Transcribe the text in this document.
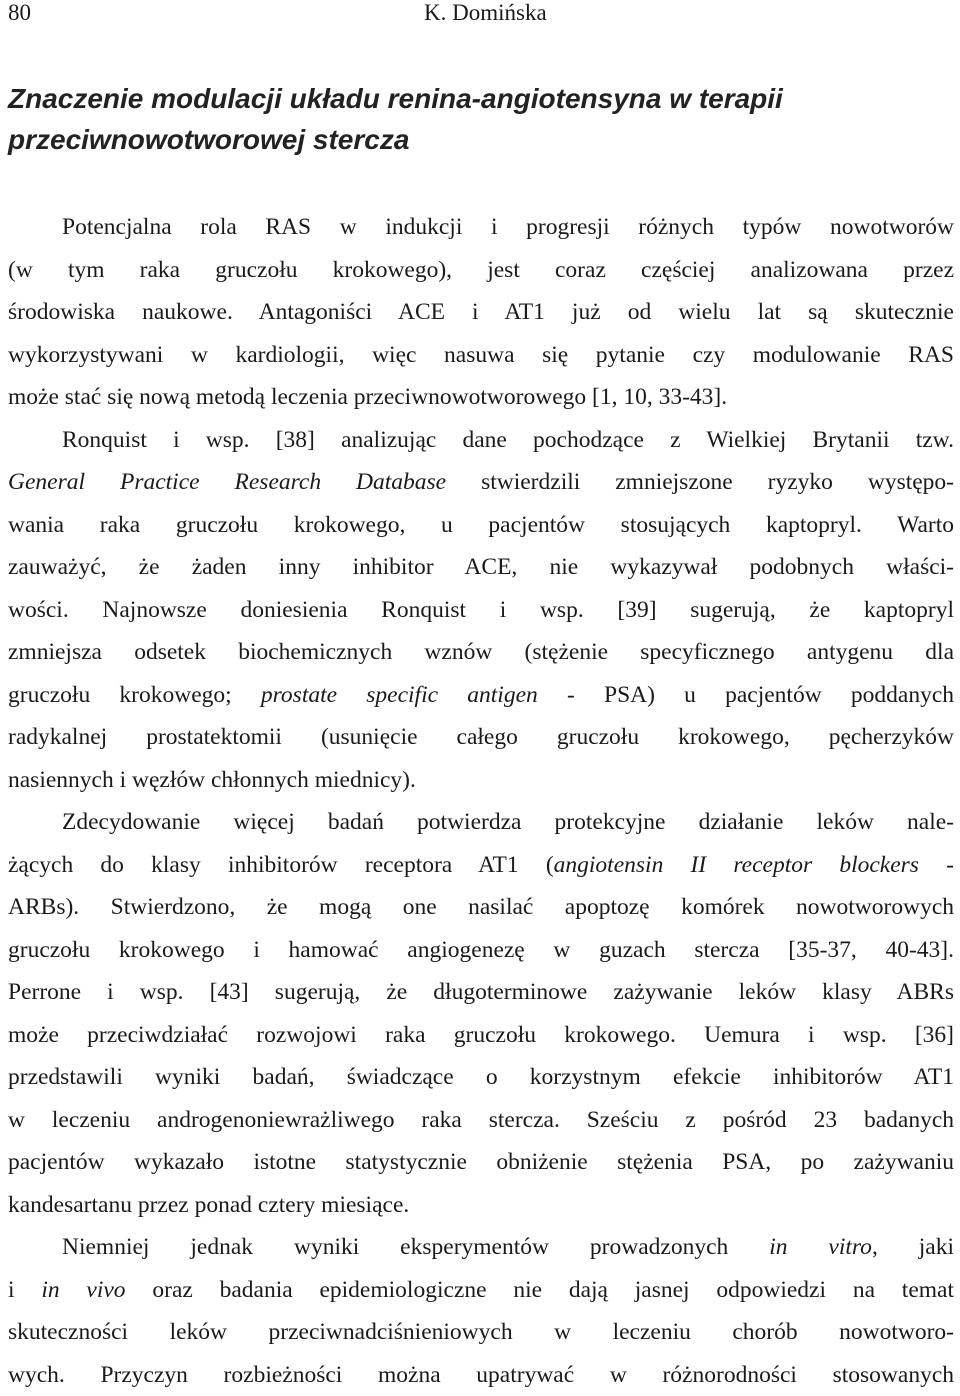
80	K. Domińska
Znaczenie modulacji układu renina-angiotensyna w terapii
przeciwnowotworowej stercza
Potencjalna rola RAS w indukcji i progresji różnych typów nowotworów
(w tym raka gruczołu krokowego), jest coraz częściej analizowana przez
środowiska naukowe. Antagoniści ACE i AT1 już od wielu lat są skutecznie
wykorzystywani w kardiologii, więc nasuwa się pytanie czy modulowanie RAS
może stać się nową metodą leczenia przeciwnowotworowego [1, 10, 33-43].
Ronquist i wsp. [38] analizując dane pochodzące z Wielkiej Brytanii tzw.
General Practice Research Database stwierdzili zmniejszone ryzyko występo-
wania raka gruczołu krokowego, u pacjentów stosujących kaptopryl. Warto
zauważyć, że żaden inny inhibitor ACE, nie wykazywał podobnych właści-
wości. Najnowsze doniesienia Ronquist i wsp. [39] sugerują, że kaptopryl
zmniejsza odsetek biochemicznych wznów (stężenie specyficznego antygenu dla
gruczołu krokowego; prostate specific antigen - PSA) u pacjentów poddanych
radykalnej prostatektomii (usunięcie całego gruczołu krokowego, pęcherzyków
nasiennych i węzłów chłonnych miednicy).
Zdecydowanie więcej badań potwierdza protekcyjne działanie leków nale-
żących do klasy inhibitorów receptora AT1 (angiotensin II receptor blockers -
ARBs). Stwierdzono, że mogą one nasilać apoptozę komórek nowotworowych
gruczołu krokowego i hamować angiogenezę w guzach stercza [35-37, 40-43].
Perrone i wsp. [43] sugerują, że długoterminowe zażywanie leków klasy ABRs
może przeciwdziałać rozwojowi raka gruczołu krokowego. Uemura i wsp. [36]
przedstawili wyniki badań, świadczące o korzystnym efekcie inhibitorów AT1
w leczeniu androgenoniewrażliwego raka stercza. Sześciu z pośród 23 badanych
pacjentów wykazało istotne statystycznie obniżenie stężenia PSA, po zażywaniu
kandesartanu przez ponad cztery miesiące.
Niemniej jednak wyniki eksperymentów prowadzonych in vitro, jaki
i in vivo oraz badania epidemiologiczne nie dają jasnej odpowiedzi na temat
skuteczności leków przeciwnadciśnieniowych w leczeniu chorób nowotworo-
wych. Przyczyn rozbieżności można upatrywać w różnorodności stosowanych
